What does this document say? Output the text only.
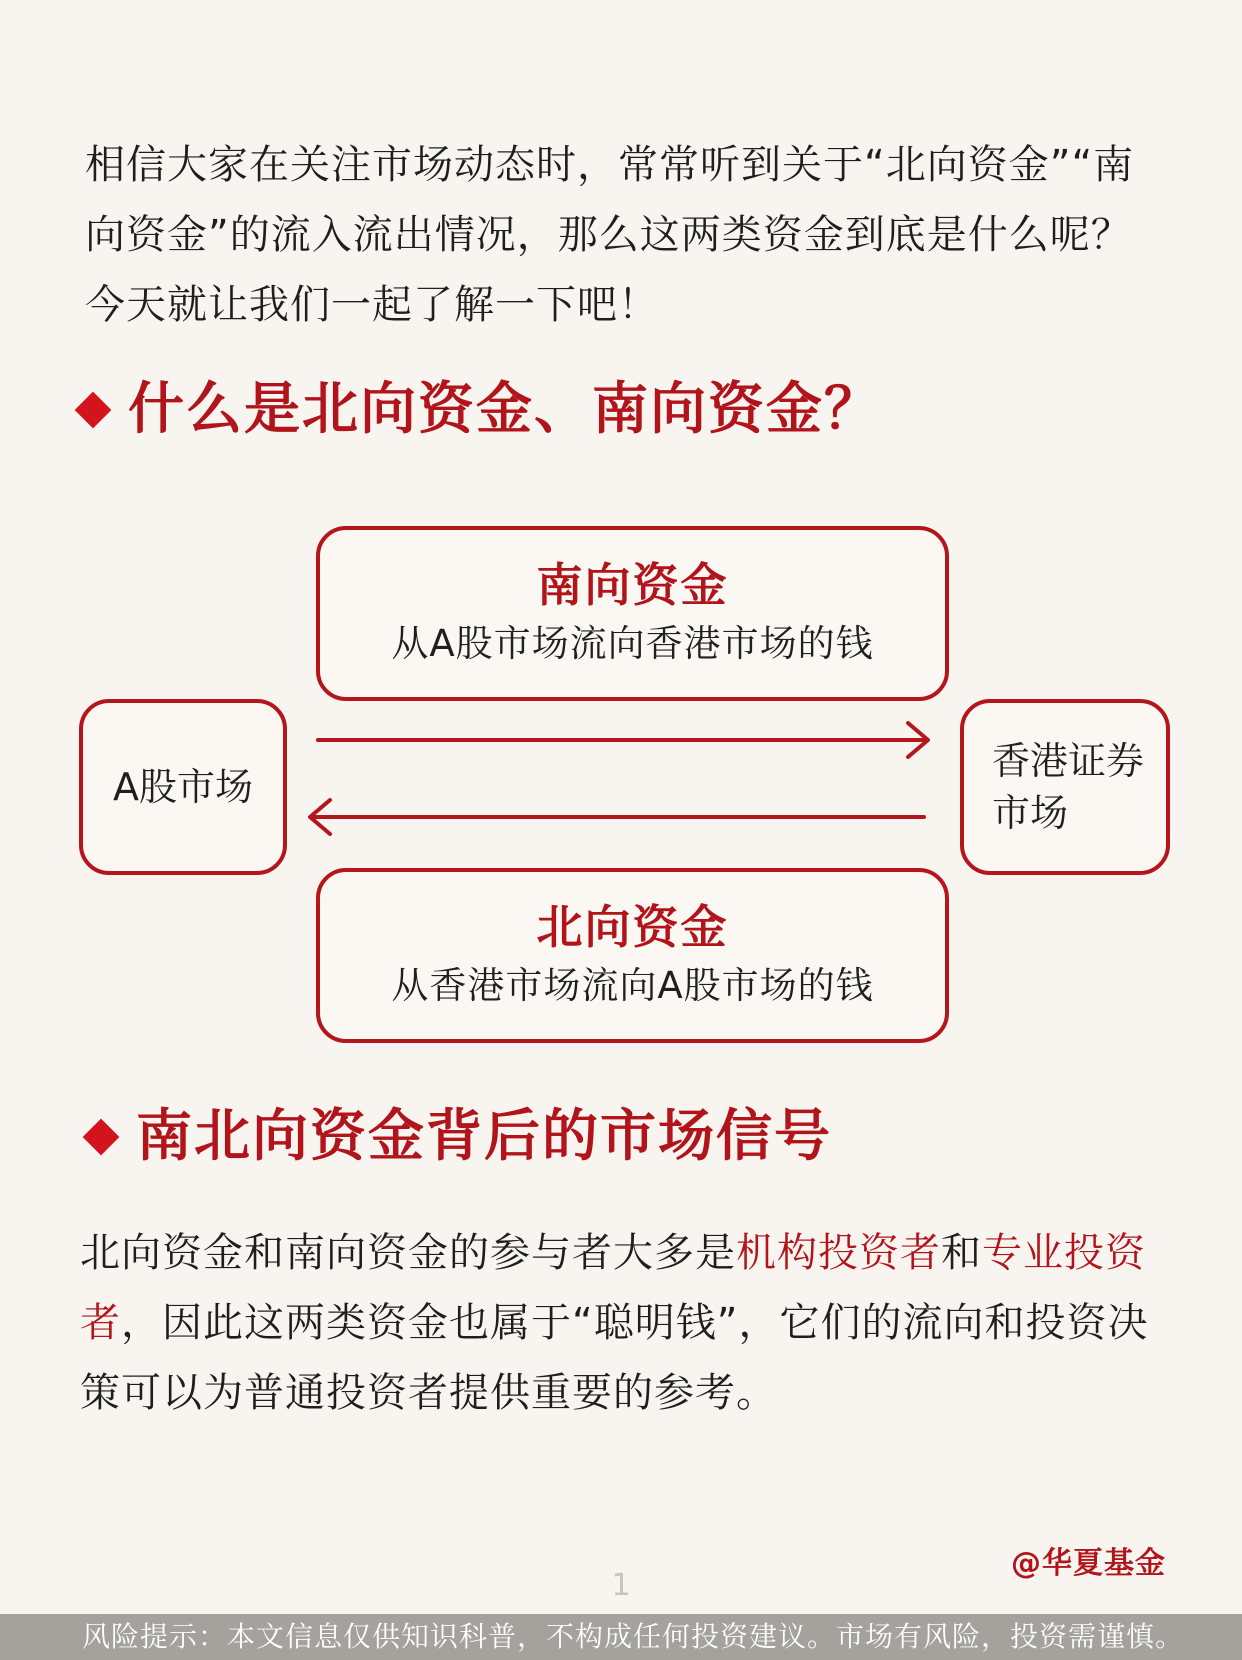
相信大家在关注市场动态时，常常听到关于“北向资金”“南向资金”的流入流出情况，那么这两类资金到底是什么呢？今天就让我们一起了解一下吧！

什么是北向资金、南向资金？
南向资金
从A股市场流向香港市场的钱
A股市场
香港证券
市场
北向资金
从香港市场流向A股市场的钱
南北向资金背后的市场信号

北向资金和南向资金的参与者大多是机构投资者和专业投资者，因此这两类资金也属于“聪明钱”，它们的流向和投资决策可以为普通投资者提供重要的参考。

@华夏基金
1
风险提示：本文信息仅供知识科普，不构成任何投资建议。市场有风险，投资需谨慎。
